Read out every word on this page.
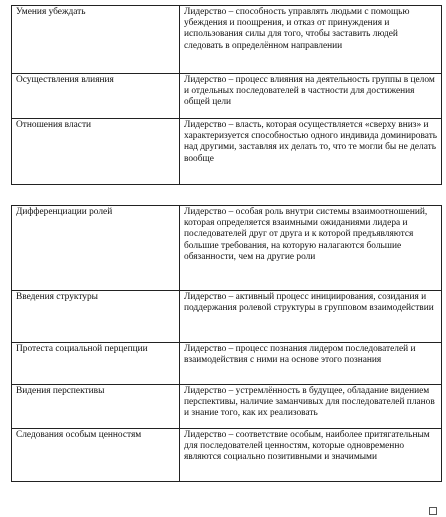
Умения убеждать	Лидерство – способность управлять людьми с помощью убеждения и поощрения, и отказ от принуждения и использования силы для того, чтобы заставить людей следовать в определённом направлении
Осуществления влияния	Лидерство – процесс влияния на деятельность группы в целом и отдельных последователей в частности для достижения общей цели
Отношения власти	Лидерство – власть, которая осуществляется «сверху вниз» и характеризуется способностью одного индивида доминировать над другими, заставляя их делать то, что те могли бы не делать вообще
Дифференциации ролей	Лидерство – особая роль внутри системы взаимоотношений, которая определяется взаимными ожиданиями лидера и последователей друг от друга и к которой предъявляются большие требования, на которую налагаются большие обязанности, чем на другие роли
Введения структуры	Лидерство – активный процесс инициирования, созидания и поддержания ролевой структуры в групповом взаимодействии
Протеста социальной перцепции	Лидерство – процесс познания лидером последователей и взаимодействия с ними на основе этого познания
Видения перспективы	Лидерство – устремлённость в будущее, обладание видением перспективы, наличие заманчивых для последователей планов и знание того, как их реализовать
Следования особым ценностям	Лидерство – соответствие особым, наиболее притягательным для последователей ценностям, которые одновременно являются социально позитивными и значимыми
